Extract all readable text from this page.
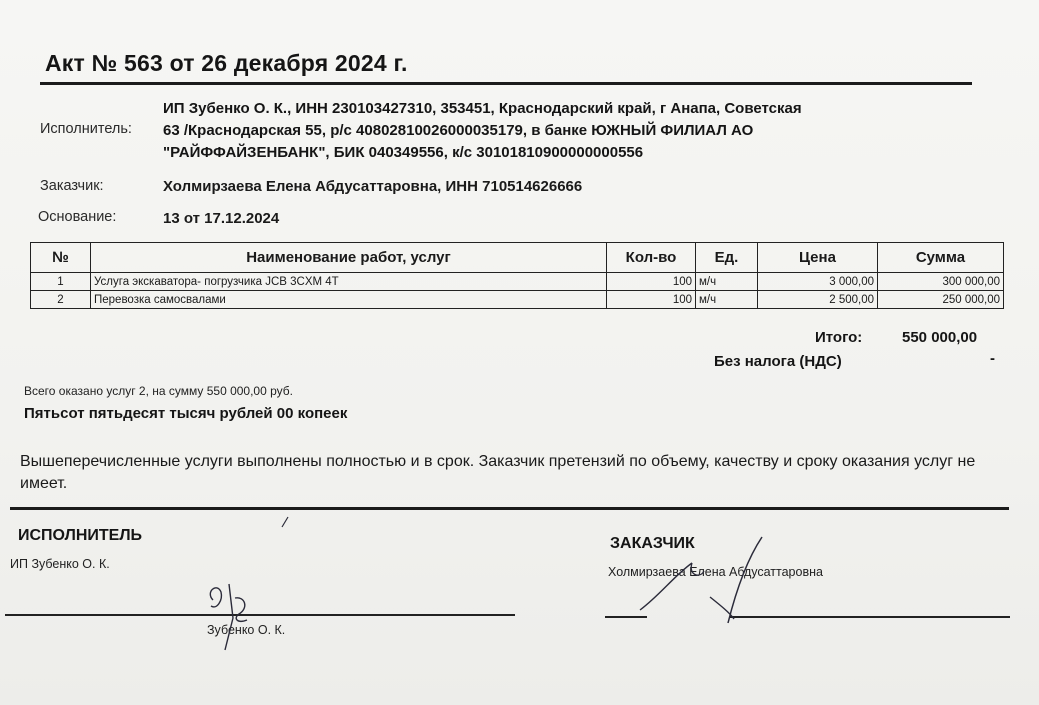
Акт № 563 от 26 декабря 2024 г.
Исполнитель:
ИП Зубенко О. К., ИНН 230103427310, 353451, Краснодарский край, г Анапа, Советская
63 /Краснодарская 55, р/с 40802810026000035179, в банке ЮЖНЫЙ ФИЛИАЛ АО
"РАЙФФАЙЗЕНБАНК", БИК 040349556, к/с 30101810900000000556
Заказчик:	Холмирзаева Елена Абдусаттаровна, ИНН 710514626666
Основание:	13 от 17.12.2024
№	Наименование работ, услуг	Кол-во	Ед.	Цена	Сумма
1	Услуга экскаватора- погрузчика JCB 3CXM 4T	100	м/ч	3 000,00	300 000,00
2	Перевозка самосвалами	100	м/ч	2 500,00	250 000,00
Итого:	550 000,00
Без налога (НДС)	-
Всего оказано услуг 2, на сумму 550 000,00 руб.
Пятьсот пятьдесят тысяч рублей 00 копеек
Вышеперечисленные услуги выполнены полностью и в срок. Заказчик претензий по объему, качеству и сроку оказания услуг не имеет.
ИСПОЛНИТЕЛЬ
ИП Зубенко О. К.
Зубенко О. К.
ЗАКАЗЧИК
Холмирзаева Елена Абдусаттаровна
